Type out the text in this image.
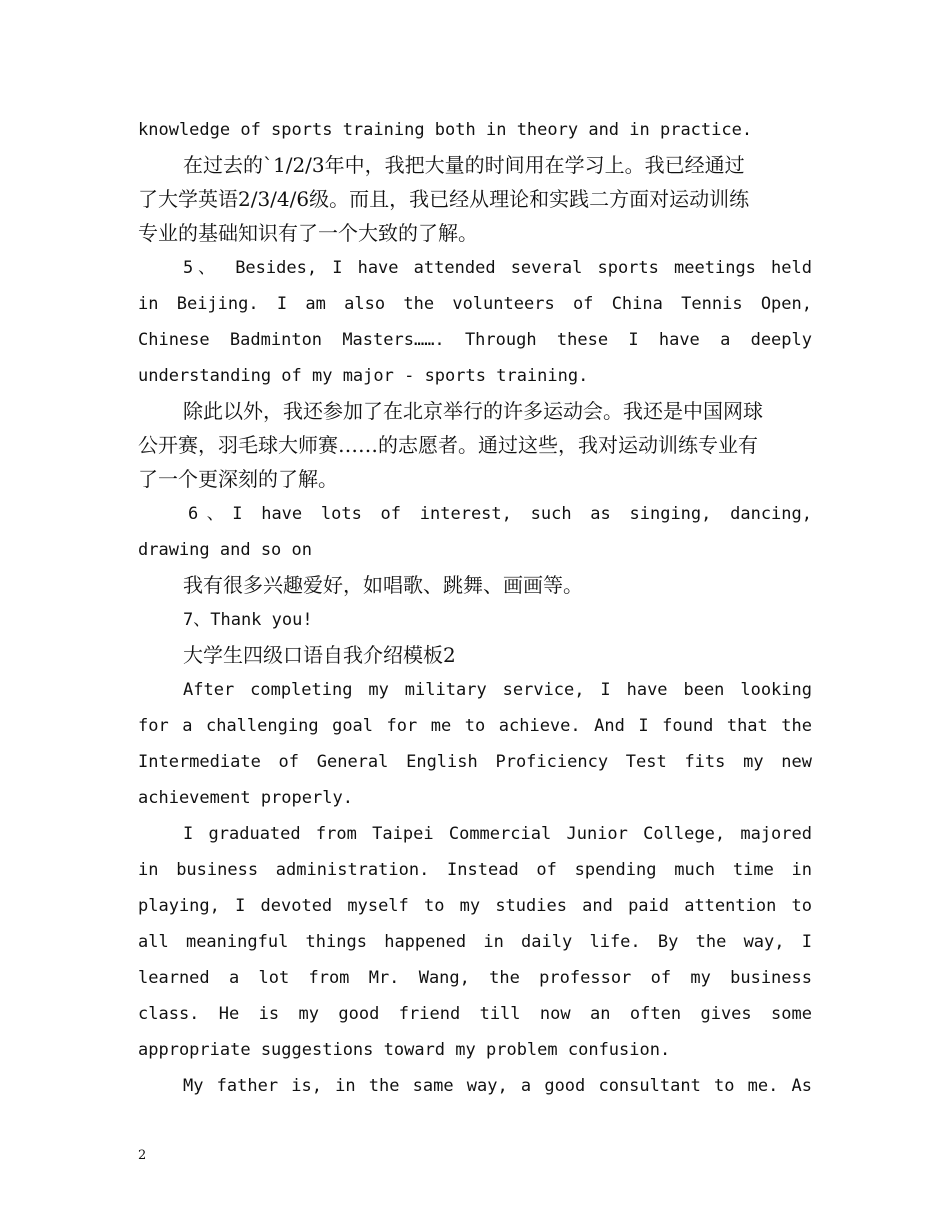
knowledge of sports training both in theory and in practice.
在过去的`1/2/3年中，我把大量的时间用在学习上。我已经通过
了大学英语2/3/4/6级。而且，我已经从理论和实践二方面对运动训练
专业的基础知识有了一个大致的了解。
5、 Besides, I have attended several sports meetings held
in Beijing. I am also the volunteers of China Tennis Open,
Chinese Badminton Masters……. Through these I have a deeply
understanding of my major - sports training.
除此以外，我还参加了在北京举行的许多运动会。我还是中国网球
公开赛，羽毛球大师赛……的志愿者。通过这些，我对运动训练专业有
了一个更深刻的了解。
6、I have lots of interest, such as singing, dancing,
drawing and so on
我有很多兴趣爱好，如唱歌、跳舞、画画等。
7、Thank you!
大学生四级口语自我介绍模板2
After completing my military service, I have been looking
for a challenging goal for me to achieve. And I found that the
Intermediate of General English Proficiency Test fits my new
achievement properly.
I graduated from Taipei Commercial Junior College, majored
in business administration. Instead of spending much time in
playing, I devoted myself to my studies and paid attention to
all meaningful things happened in daily life. By the way, I
learned a lot from Mr. Wang, the professor of my business
class. He is my good friend till now an often gives some
appropriate suggestions toward my problem confusion.
My father is, in the same way, a good consultant to me. As
2
